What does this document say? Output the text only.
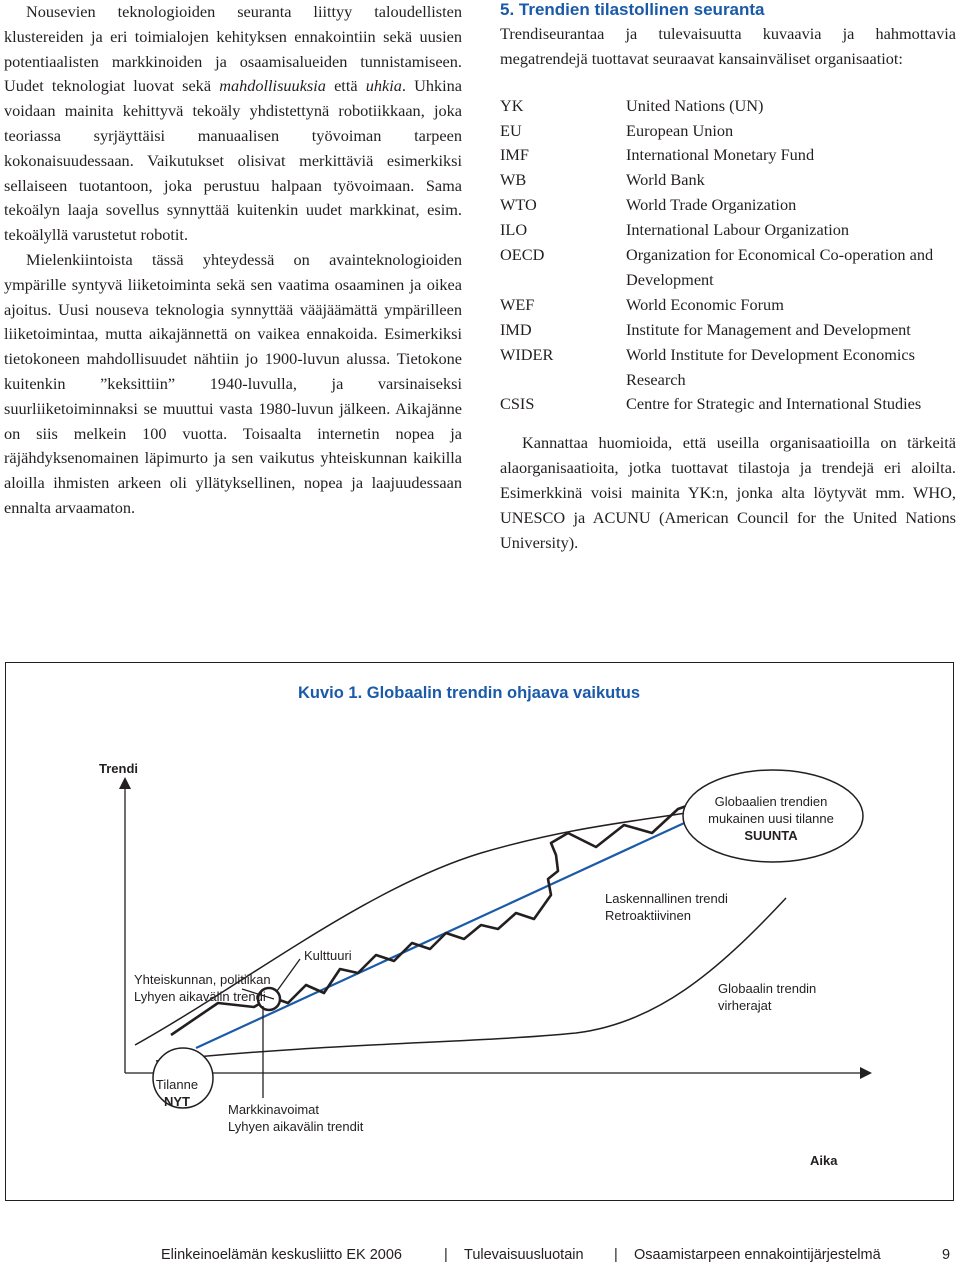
Nousevien teknologioiden seuranta liittyy taloudellisten klustereiden ja eri toimialojen kehityksen ennakointiin sekä uusien potentiaalisten markkinoiden ja osaamisalueiden tunnistamiseen. Uudet teknologiat luovat sekä mahdollisuuksia että uhkia. Uhkina voidaan mainita kehittyvä tekoäly yhdistettynä robotiikkaan, joka teoriassa syrjäyttäisi manuaalisen työvoiman tarpeen kokonaisuudessaan. Vaikutukset olisivat merkittäviä esimerkiksi sellaiseen tuotantoon, joka perustuu halpaan työvoimaan. Sama tekoälyn laaja sovellus synnyttää kuitenkin uudet markkinat, esim. tekoälyllä varustetut robotit.

Mielenkiintoista tässä yhteydessä on avainteknologioiden ympärille syntyvä liiketoiminta sekä sen vaatima osaaminen ja oikea ajoitus. Uusi nouseva teknologia synnyttää vääjäämättä ympärilleen liiketoimintaa, mutta aikajännettä on vaikea ennakoida. Esimerkiksi tietokoneen mahdollisuudet nähtiin jo 1900-luvun alussa. Tietokone kuitenkin ”keksittiin” 1940-luvulla, ja varsinaiseksi suurliiketoiminnaksi se muuttui vasta 1980-luvun jälkeen. Aikajänne on siis melkein 100 vuotta. Toisaalta internetin nopea ja räjähdyksenomainen läpimurto ja sen vaikutus yhteiskunnan kaikilla aloilla ihmisten arkeen oli yllätyksellinen, nopea ja laajuudessaan ennalta arvaamaton.

5. Trendien tilastollinen seuranta

Trendiseurantaa ja tulevaisuutta kuvaavia ja hahmottavia megatrendejä tuottavat seuraavat kansainväliset organisaatiot:

YK	United Nations (UN)
EU	European Union
IMF	International Monetary Fund
WB	World Bank
WTO	World Trade Organization
ILO	International Labour Organization
OECD	Organization for Economical Co-operation and Development
WEF	World Economic Forum
IMD	Institute for Management and Development
WIDER	World Institute for Development Economics Research
CSIS	Centre for Strategic and International Studies

Kannattaa huomioida, että useilla organisaatioilla on tärkeitä alaorganisaatioita, jotka tuottavat tilastoja ja trendejä eri aloilta. Esimerkkinä voisi mainita YK:n, jonka alta löytyvät mm. WHO, UNESCO ja ACUNU (American Council for the United Nations University).

Trendi
Aika
Globaalien trendien
mukainen uusi tilanne
SUUNTA
Laskennallinen trendi
Retroaktiivinen
Kulttuuri
Yhteiskunnan, politiikan
Lyhyen aikavälin trendi
Globaalin trendin
virherajat
Tilanne
NYT
Markkinavoimat
Lyhyen aikavälin trendit
Kuvio 1. Globaalin trendin ohjaava vaikutus
Elinkeinoelämän keskusliitto EK 2006	| Tulevaisuusluotain | Osaamistarpeen ennakointijärjestelmä	9
